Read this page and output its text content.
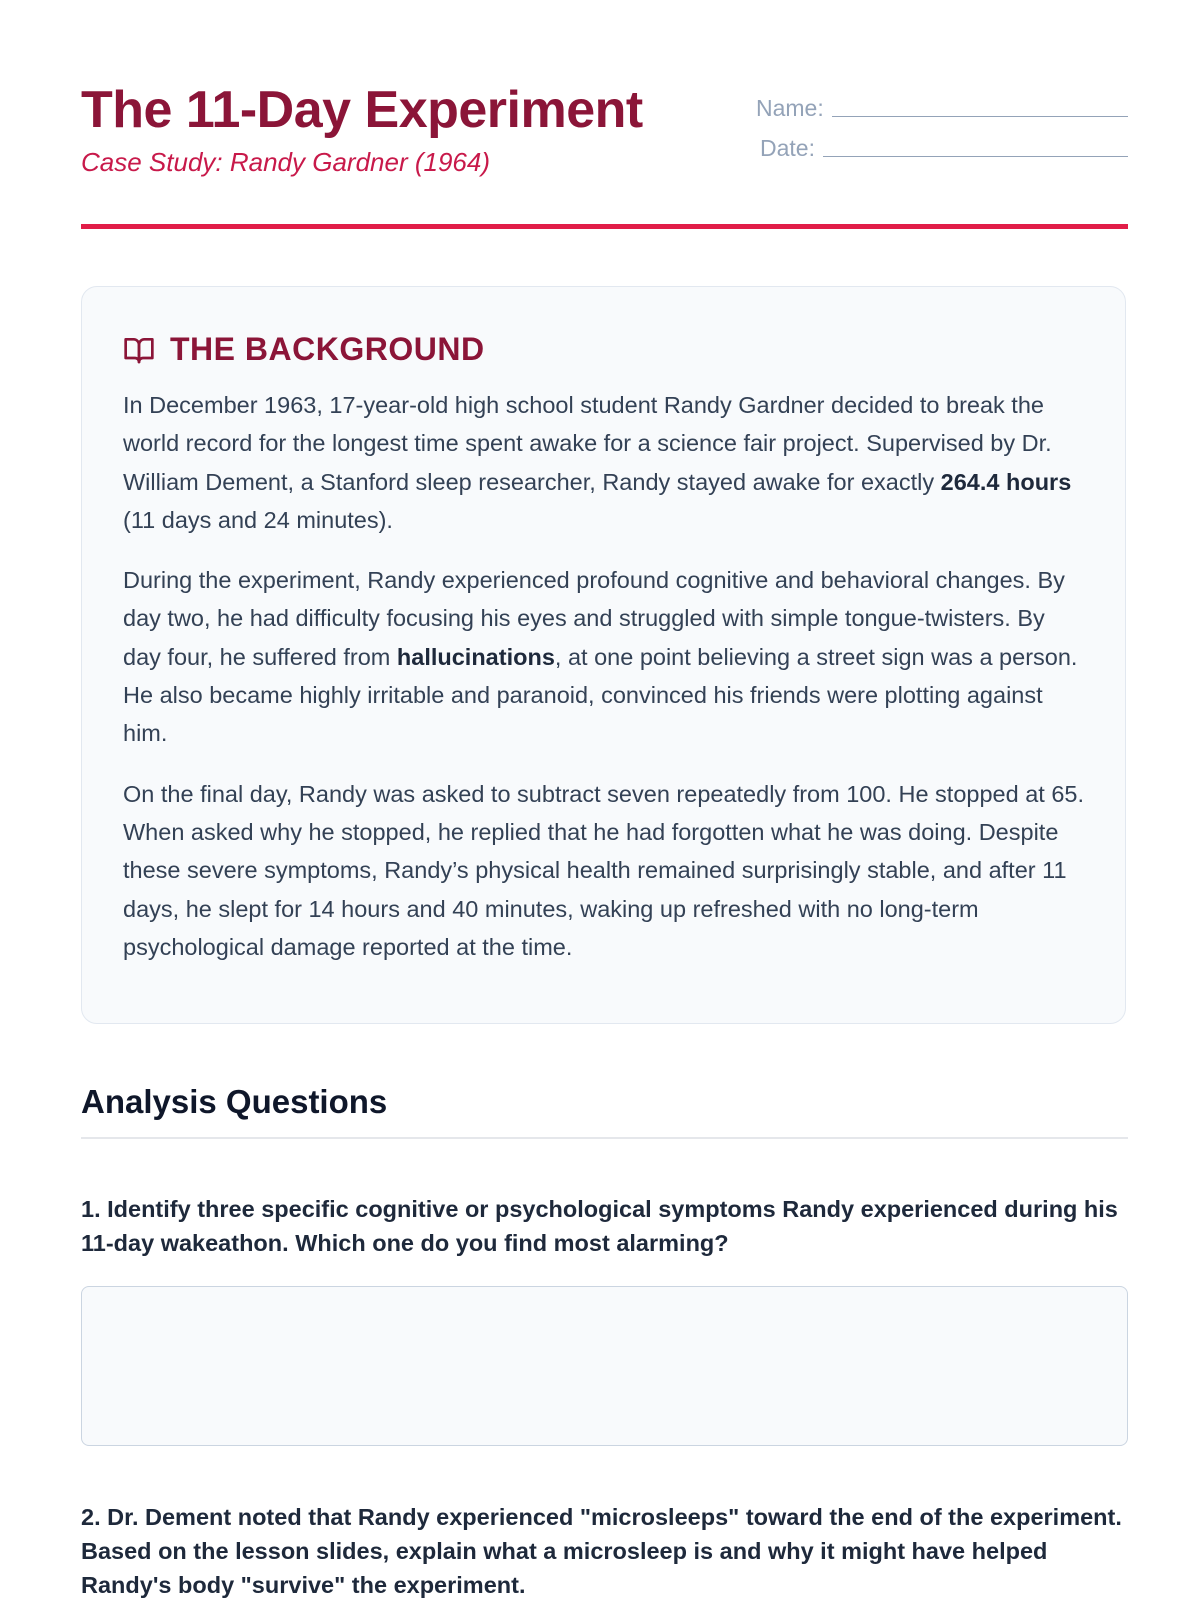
The 11-Day Experiment

Case Study: Randy Gardner (1964)

Name:
Date:
THE BACKGROUND

In December 1963, 17-year-old high school student Randy Gardner decided to break the world record for the longest time spent awake for a science fair project. Supervised by Dr. William Dement, a Stanford sleep researcher, Randy stayed awake for exactly 264.4 hours (11 days and 24 minutes).

During the experiment, Randy experienced profound cognitive and behavioral changes. By day two, he had difficulty focusing his eyes and struggled with simple tongue-twisters. By day four, he suffered from hallucinations, at one point believing a street sign was a person. He also became highly irritable and paranoid, convinced his friends were plotting against him.

On the final day, Randy was asked to subtract seven repeatedly from 100. He stopped at 65. When asked why he stopped, he replied that he had forgotten what he was doing. Despite these severe symptoms, Randy’s physical health remained surprisingly stable, and after 11 days, he slept for 14 hours and 40 minutes, waking up refreshed with no long-term psychological damage reported at the time.

Analysis Questions

1. Identify three specific cognitive or psychological symptoms Randy experienced during his 11-day wakeathon. Which one do you find most alarming?

2. Dr. Dement noted that Randy experienced "microsleeps" toward the end of the experiment. Based on the lesson slides, explain what a microsleep is and why it might have helped Randy's body "survive" the experiment.
